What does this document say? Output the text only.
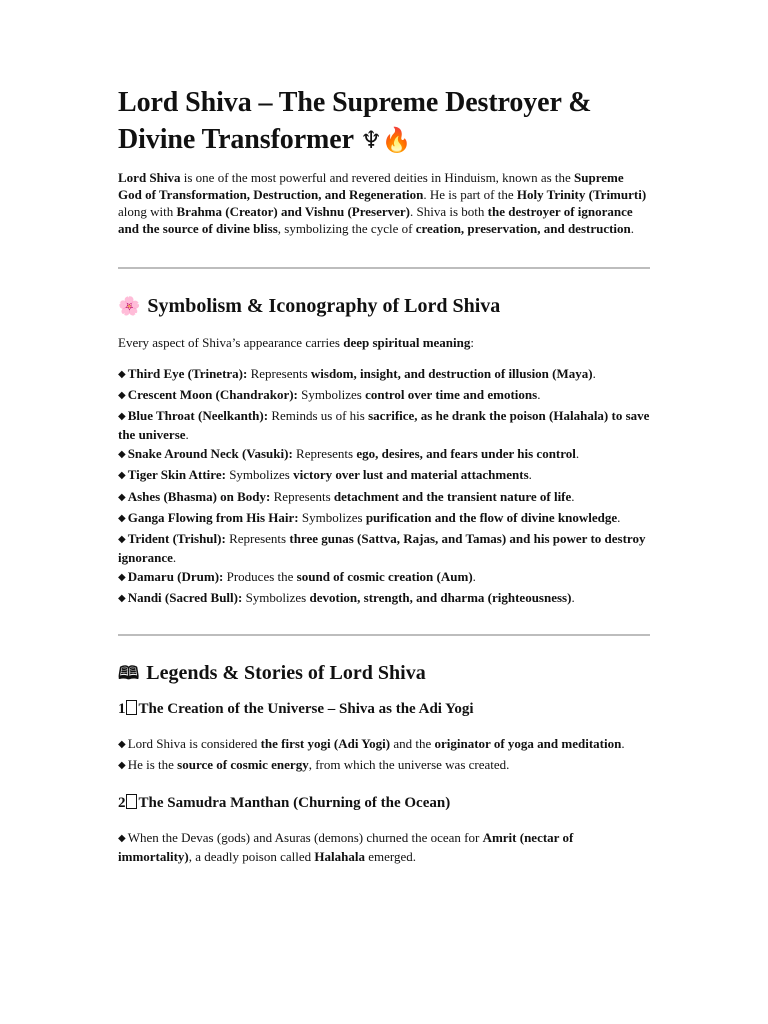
Lord Shiva – The Supreme Destroyer &
Divine Transformer ♆🔥

Lord Shiva is one of the most powerful and revered deities in Hinduism, known as the Supreme God of Transformation, Destruction, and Regeneration. He is part of the Holy Trinity (Trimurti) along with Brahma (Creator) and Vishnu (Preserver). Shiva is both the destroyer of ignorance and the source of divine bliss, symbolizing the cycle of creation, preservation, and destruction.

🌸 Symbolism & Iconography of Lord Shiva

Every aspect of Shiva’s appearance carries deep spiritual meaning:

◆ Third Eye (Trinetra): Represents wisdom, insight, and destruction of illusion (Maya).
◆ Crescent Moon (Chandrakor): Symbolizes control over time and emotions.
◆ Blue Throat (Neelkanth): Reminds us of his sacrifice, as he drank the poison (Halahala) to save the universe.
◆ Snake Around Neck (Vasuki): Represents ego, desires, and fears under his control.
◆ Tiger Skin Attire: Symbolizes victory over lust and material attachments.
◆ Ashes (Bhasma) on Body: Represents detachment and the transient nature of life.
◆ Ganga Flowing from His Hair: Symbolizes purification and the flow of divine knowledge.
◆ Trident (Trishul): Represents three gunas (Sattva, Rajas, and Tamas) and his power to destroy ignorance.
◆ Damaru (Drum): Produces the sound of cosmic creation (Aum).
◆ Nandi (Sacred Bull): Symbolizes devotion, strength, and dharma (righteousness).
🕮 Legends & Stories of Lord Shiva
1 The Creation of the Universe – Shiva as the Adi Yogi
◆ Lord Shiva is considered the first yogi (Adi Yogi) and the originator of yoga and meditation.
◆ He is the source of cosmic energy, from which the universe was created.
2 The Samudra Manthan (Churning of the Ocean)
◆ When the Devas (gods) and Asuras (demons) churned the ocean for Amrit (nectar of immortality), a deadly poison called Halahala emerged.
